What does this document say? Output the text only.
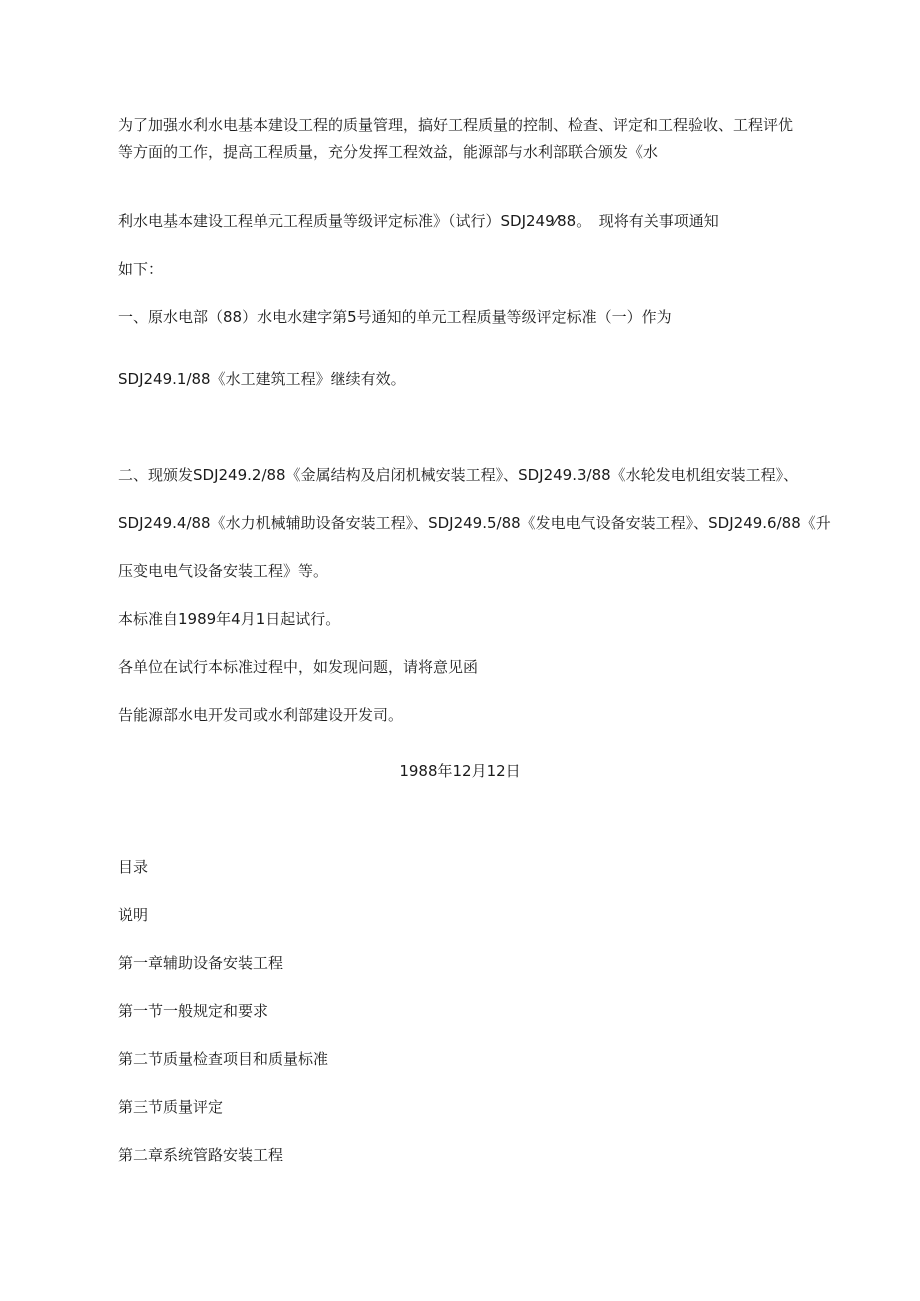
为了加强水利水电基本建设工程的质量管理，搞好工程质量的控制、检查、评定和工程验收、工程评优
等方面的工作，提高工程质量，充分发挥工程效益，能源部与水利部联合颁发《水
利水电基本建设工程单元工程质量等级评定标准》（试行）SDJ249⁄88。　现将有关事项通知
如下：
一、原水电部（88）水电水建字第5号通知的单元工程质量等级评定标准（一）作为
SDJ249.1/88《水工建筑工程》继续有效。
二、现颁发SDJ249.2/88《金属结构及启闭机械安装工程》、SDJ249.3/88《水轮发电机组安装工程》、
SDJ249.4/88《水力机械辅助设备安装工程》、SDJ249.5/88《发电电气设备安装工程》、SDJ249.6/88《升
压变电电气设备安装工程》等。
本标准自1989年4月1日起试行。
各单位在试行本标准过程中，如发现问题，请将意见函
告能源部水电开发司或水利部建设开发司。
1988年12月12日
目录
说明
第一章辅助设备安装工程
第一节一般规定和要求
第二节质量检查项目和质量标准
第三节质量评定
第二章系统管路安装工程
